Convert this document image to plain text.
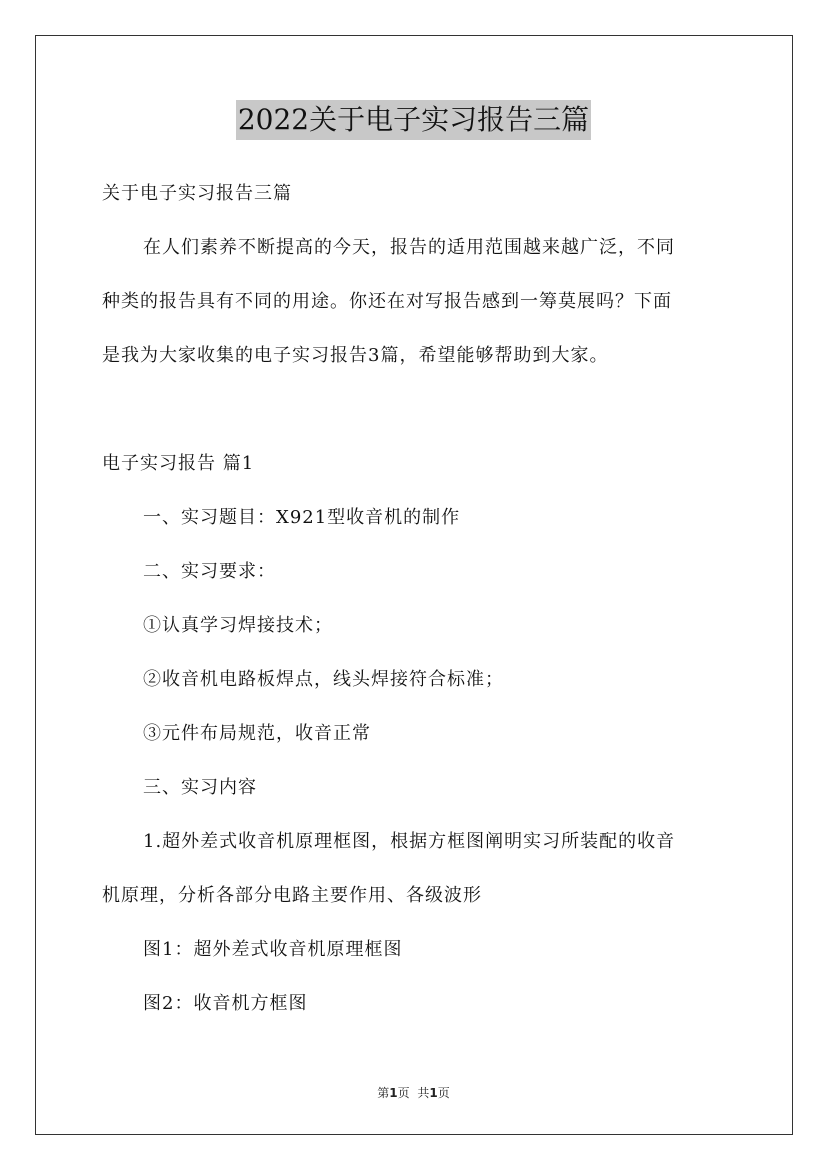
2022关于电子实习报告三篇
关于电子实习报告三篇
在人们素养不断提高的今天，报告的适用范围越来越广泛，不同
种类的报告具有不同的用途。你还在对写报告感到一筹莫展吗？下面
是我为大家收集的电子实习报告3篇，希望能够帮助到大家。
电子实习报告 篇1
一、实习题目：X921型收音机的制作
二、实习要求：
①认真学习焊接技术；
②收音机电路板焊点，线头焊接符合标准；
③元件布局规范，收音正常
三、实习内容
1.超外差式收音机原理框图，根据方框图阐明实习所装配的收音
机原理，分析各部分电路主要作用、各级波形
图1：超外差式收音机原理框图
图2：收音机方框图
第1页 共1页
